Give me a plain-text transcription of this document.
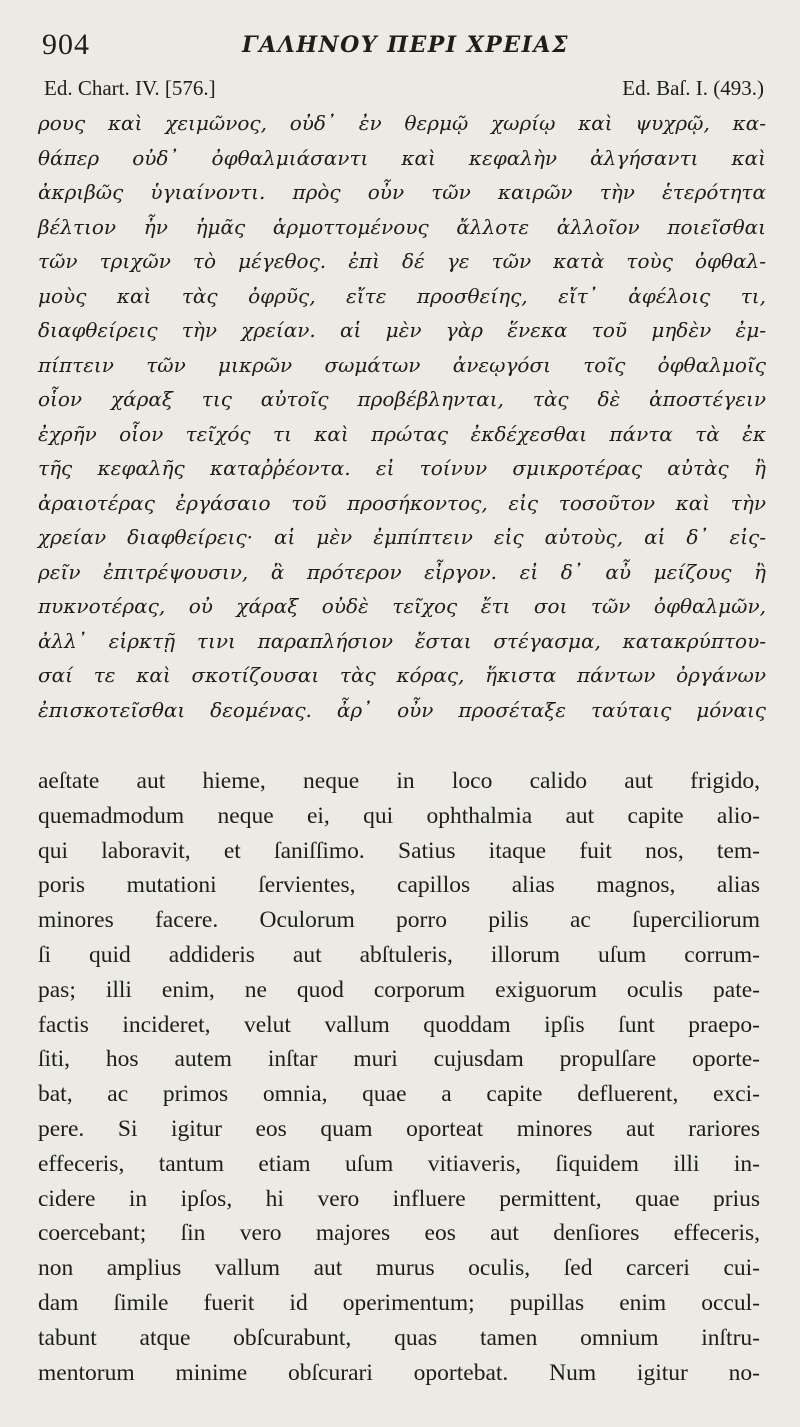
904	ΓΑΛΗΝΟΥ ΠΕΡΙ ΧΡΕΙΑΣ
Ed. Chart. IV. [576.]	Ed. Baſ. I. (493.)
ρους καὶ χειμῶνος, οὐδ᾽ ἐν θερμῷ χωρίῳ καὶ ψυχρῷ, κα-
θάπερ οὐδ᾽ ὀφθαλμιάσαντι καὶ κεφαλὴν ἀλγήσαντι καὶ
ἀκριβῶς ὑγιαίνοντι. πρὸς οὖν τῶν καιρῶν τὴν ἑτερότητα
βέλτιον ἦν ἡμᾶς ἁρμοττομένους ἄλλοτε ἀλλοῖον ποιεῖσθαι
τῶν τριχῶν τὸ μέγεθος. ἐπὶ δέ γε τῶν κατὰ τοὺς ὀφθαλ-
μοὺς καὶ τὰς ὀφρῦς, εἴτε προσθείης, εἴτ᾽ ἀφέλοις τι,
διαφθείρεις τὴν χρείαν. αἱ μὲν γὰρ ἕνεκα τοῦ μηδὲν ἐμ-
πίπτειν τῶν μικρῶν σωμάτων ἀνεῳγόσι τοῖς ὀφθαλμοῖς
οἷον χάραξ τις αὐτοῖς προβέβληνται, τὰς δὲ ἀποστέγειν
ἐχρῆν οἷον τεῖχός τι καὶ πρώτας ἐκδέχεσθαι πάντα τὰ ἐκ
τῆς κεφαλῆς καταῤῥέοντα. εἰ τοίνυν σμικροτέρας αὐτὰς ἢ
ἀραιοτέρας ἐργάσαιο τοῦ προσήκοντος, εἰς τοσοῦτον καὶ τὴν
χρείαν διαφθείρεις· αἱ μὲν ἐμπίπτειν εἰς αὐτοὺς, αἱ δ᾽ εἰς-
ρεῖν ἐπιτρέψουσιν, ἃ πρότερον εἶργον. εἰ δ᾽ αὖ μείζους ἢ
πυκνοτέρας, οὐ χάραξ οὐδὲ τεῖχος ἔτι σοι τῶν ὀφθαλμῶν,
ἀλλ᾽ εἱρκτῇ τινι παραπλήσιον ἔσται στέγασμα, κατακρύπτου-
σαί τε καὶ σκοτίζουσαι τὰς κόρας, ἥκιστα πάντων ὀργάνων
ἐπισκοτεῖσθαι δεομένας. ἆρ᾽ οὖν προσέταξε ταύταις μόναις
aeſtate aut hieme, neque in loco calido aut frigido,
quemadmodum neque ei, qui ophthalmia aut capite alio-
qui laboravit, et ſaniſſimo. Satius itaque fuit nos, tem-
poris mutationi ſervientes, capillos alias magnos, alias
minores facere. Oculorum porro pilis ac ſuperciliorum
ſi quid addideris aut abſtuleris, illorum uſum corrum-
pas; illi enim, ne quod corporum exiguorum oculis pate-
factis incideret, velut vallum quoddam ipſis ſunt praepo-
ſiti, hos autem inſtar muri cujusdam propulſare oporte-
bat, ac primos omnia, quae a capite defluerent, exci-
pere. Si igitur eos quam oporteat minores aut rariores
effeceris, tantum etiam uſum vitiaveris, ſiquidem illi in-
cidere in ipſos, hi vero influere permittent, quae prius
coercebant; ſin vero majores eos aut denſiores effeceris,
non amplius vallum aut murus oculis, ſed carceri cui-
dam ſimile fuerit id operimentum; pupillas enim occul-
tabunt atque obſcurabunt, quas tamen omnium inſtru-
mentorum minime obſcurari oportebat. Num igitur no-
